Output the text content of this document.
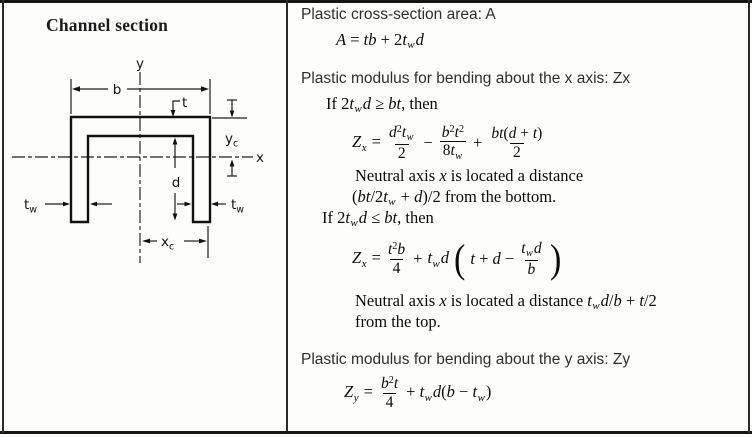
Channel section
y
x
b
t
$y_c$
d
$t_w$	$t_w$
$x_c$
Plastic cross-section area: A
A = tb + $2t_wd$
Plastic modulus for bending about the x axis: Zx
If $2t_wd$ ≥ bt, then
$Z_x = \frac{d^2t_w}{2} - \frac{b^2t^2}{8t_w} + \frac{bt(d + t)}{2}$
Neutral axis x is located a distance
$(bt/2t_w + d)/2$ from the bottom.
If $2t_wd$ ≤ bt, then
$Z_x = \frac{t^2b}{4} + t_wd$ ( $t + d - \frac{t_wd}{b}$ )
Neutral axis x is located a distance $t_wd/b + t/2$
from the top.
Plastic modulus for bending about the y axis: Zy
$Z_y = \frac{b^2t}{4} + t_wd(b - t_w)$
